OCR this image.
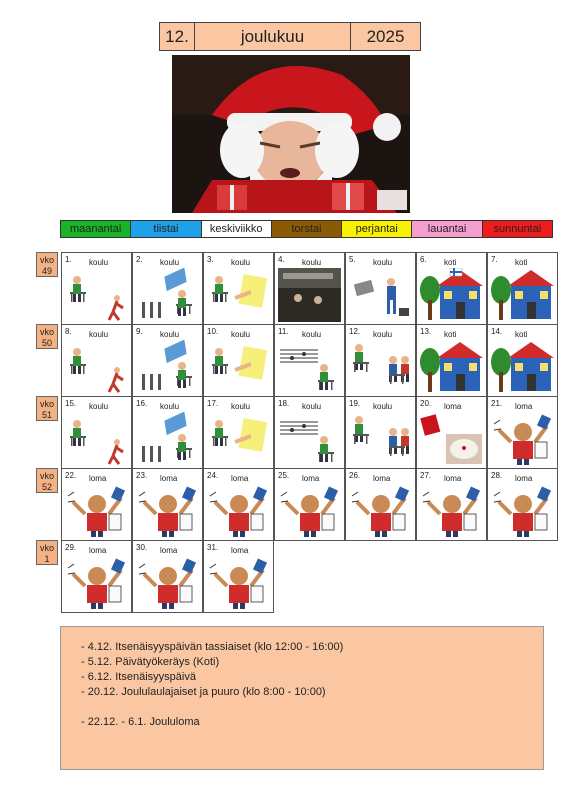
12.	joulukuu	2025
maanantai	tiistai	keskiviikko	torstai	perjantai	lauantai	sunnuntai
vko 49
1. koulu	2. koulu	3. koulu	4. koulu	5. koulu	6. koti	7. koti
vko 50
8. koulu	9. koulu	10. koulu	11. koulu	12. koulu	13. koti	14. koti
vko 51
15. koulu	16. koulu	17. koulu	18. koulu	19. koulu	20. loma	21. loma
vko 52
22. loma	23. loma	24. loma	25. loma	26. loma	27. loma	28. loma
vko 1
29. loma	30. loma	31. loma
- 4.12. Itsenäisyyspäivän tassiaiset (klo 12:00 - 16:00)
- 5.12. Päivätyökeräys (Koti)
- 6.12. Itsenäisyyspäivä
- 20.12. Joululaulajaiset ja puuro (klo 8:00 - 10:00)
- 22.12. - 6.1. Joululoma
